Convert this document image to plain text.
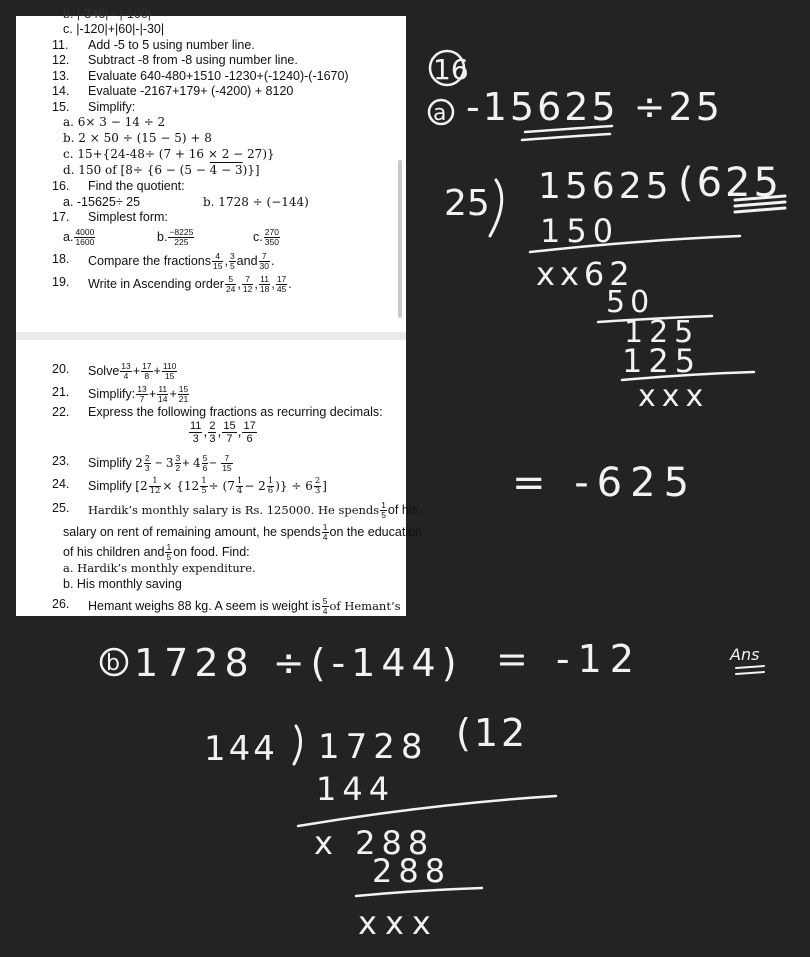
b. |-346| - |-100|
c. |-120|+|60|-|-30|
11. Add -5 to 5 using number line.
12. Subtract -8 from -8 using number line.
13. Evaluate 640-480+1510 -1230+(-1240)-(-1670)
14. Evaluate -2167+179+ (-4200) + 8120
15. Simplify:
a. 6× 3 − 14 ÷ 2
b. 2 × 50 ÷ (15 − 5) + 8
c. 15+{24-48÷ (7 + 16 × 2 − 27)}
d. 150 of [8÷ {6 − (5 − 4 − 3)}]
16. Find the quotient:
a. -15625÷ 25	b. 1728 ÷ (−144)
17. Simplest form:
a. $\frac{4000}{1600}$	b. $\frac{-8225}{225}$	c. $\frac{270}{350}$
18. Compare the fractions $\frac{4}{15}$ , $\frac{3}{5}$ and $\frac{7}{30}$ .
19. Write in Ascending order $\frac{5}{24}$ , $\frac{7}{12}$ , $\frac{11}{18}$ , $\frac{17}{45}$ .
20. Solve $\frac{13}{4} + \frac{17}{8} + \frac{110}{15}$
21. Simplify: $\frac{13}{7} + \frac{11}{14} + \frac{15}{21}$
22. Express the following fractions as recurring decimals:
$\frac{11}{3}$ , $\frac{2}{3}$ , $\frac{15}{7}$ , $\frac{17}{6}$
23. Simplify $2 \frac{2}{3} - 3 \frac{3}{2} + 4 \frac{5}{6} - \frac{7}{15}$
24. Simplify [$2 \frac{1}{12} \times \{12 \frac{1}{5} \div (7 \frac{1}{4} - 2 \frac{1}{6}$ )} ÷ $6 \frac{2}{3}$ ]
25. Hardik’s monthly salary is Rs. 125000. He spends $\frac{1}{5}$ of his
salary on rent of remaining amount, he spends $\frac{1}{4}$ on the education
of his children and $\frac{1}{5}$ on food. Find:
a. Hardik’s monthly expenditure.
b. His monthly saving
26. Hemant weighs 88 kg. A seem is weight is $\frac{5}{4}$ of Hemant’s
16
a -15625 ÷25
25 15625 (625
150
xx62
50
125
125
xxx
= -625
b 1728 ÷(-144) = -12	Ans
144 1728 (12
144
x 288
288
xxx
